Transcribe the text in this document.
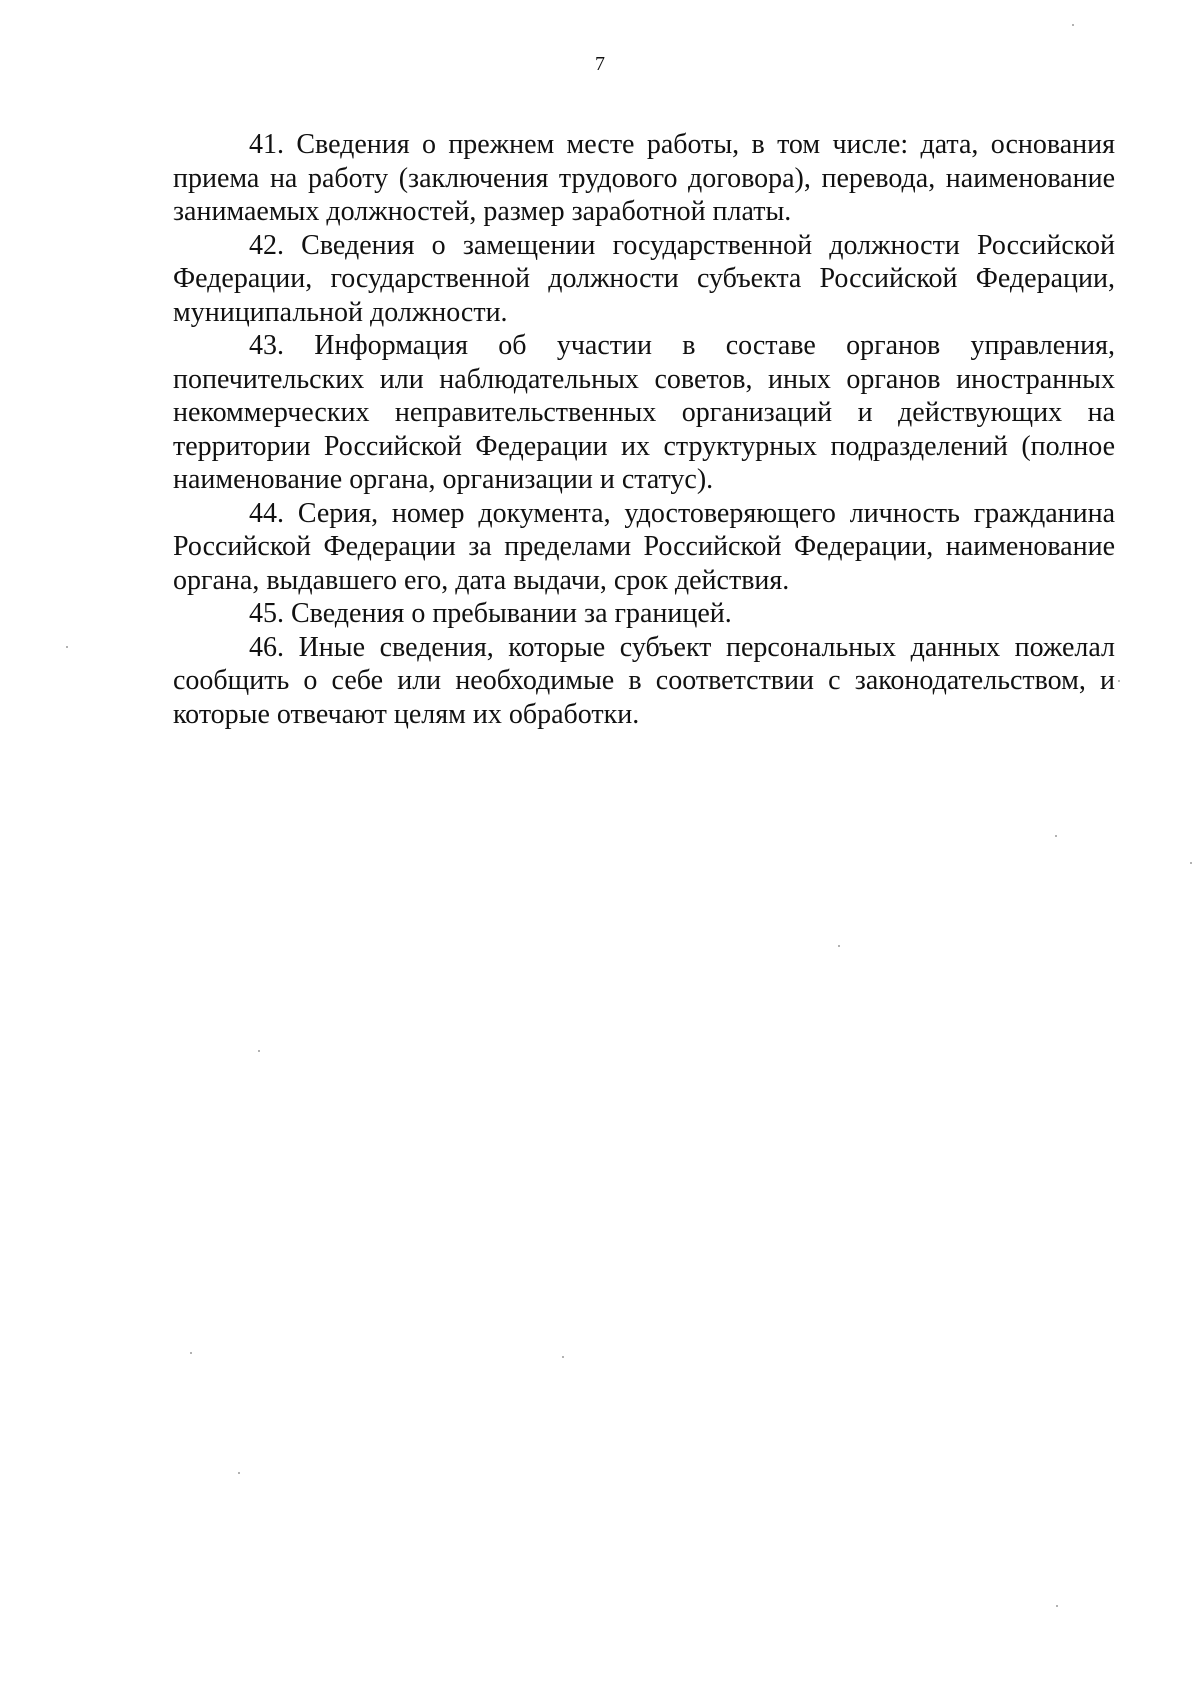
7

41. Сведения о прежнем месте работы, в том числе: дата, основания приема на работу (заключения трудового договора), перевода, наименование занимаемых должностей, размер заработной платы.

42. Сведения о замещении государственной должности Российской Федерации, государственной должности субъекта Российской Федерации, муниципальной должности.

43. Информация об участии в составе органов управления, попечительских или наблюдательных советов, иных органов иностранных некоммерческих неправительственных организаций и действующих на территории Российской Федерации их структурных подразделений (полное наименование органа, организации и статус).

44. Серия, номер документа, удостоверяющего личность гражданина Российской Федерации за пределами Российской Федерации, наименование органа, выдавшего его, дата выдачи, срок действия.

45. Сведения о пребывании за границей.

46. Иные сведения, которые субъект персональных данных пожелал сообщить о себе или необходимые в соответствии с законодательством, и которые отвечают целям их обработки.
